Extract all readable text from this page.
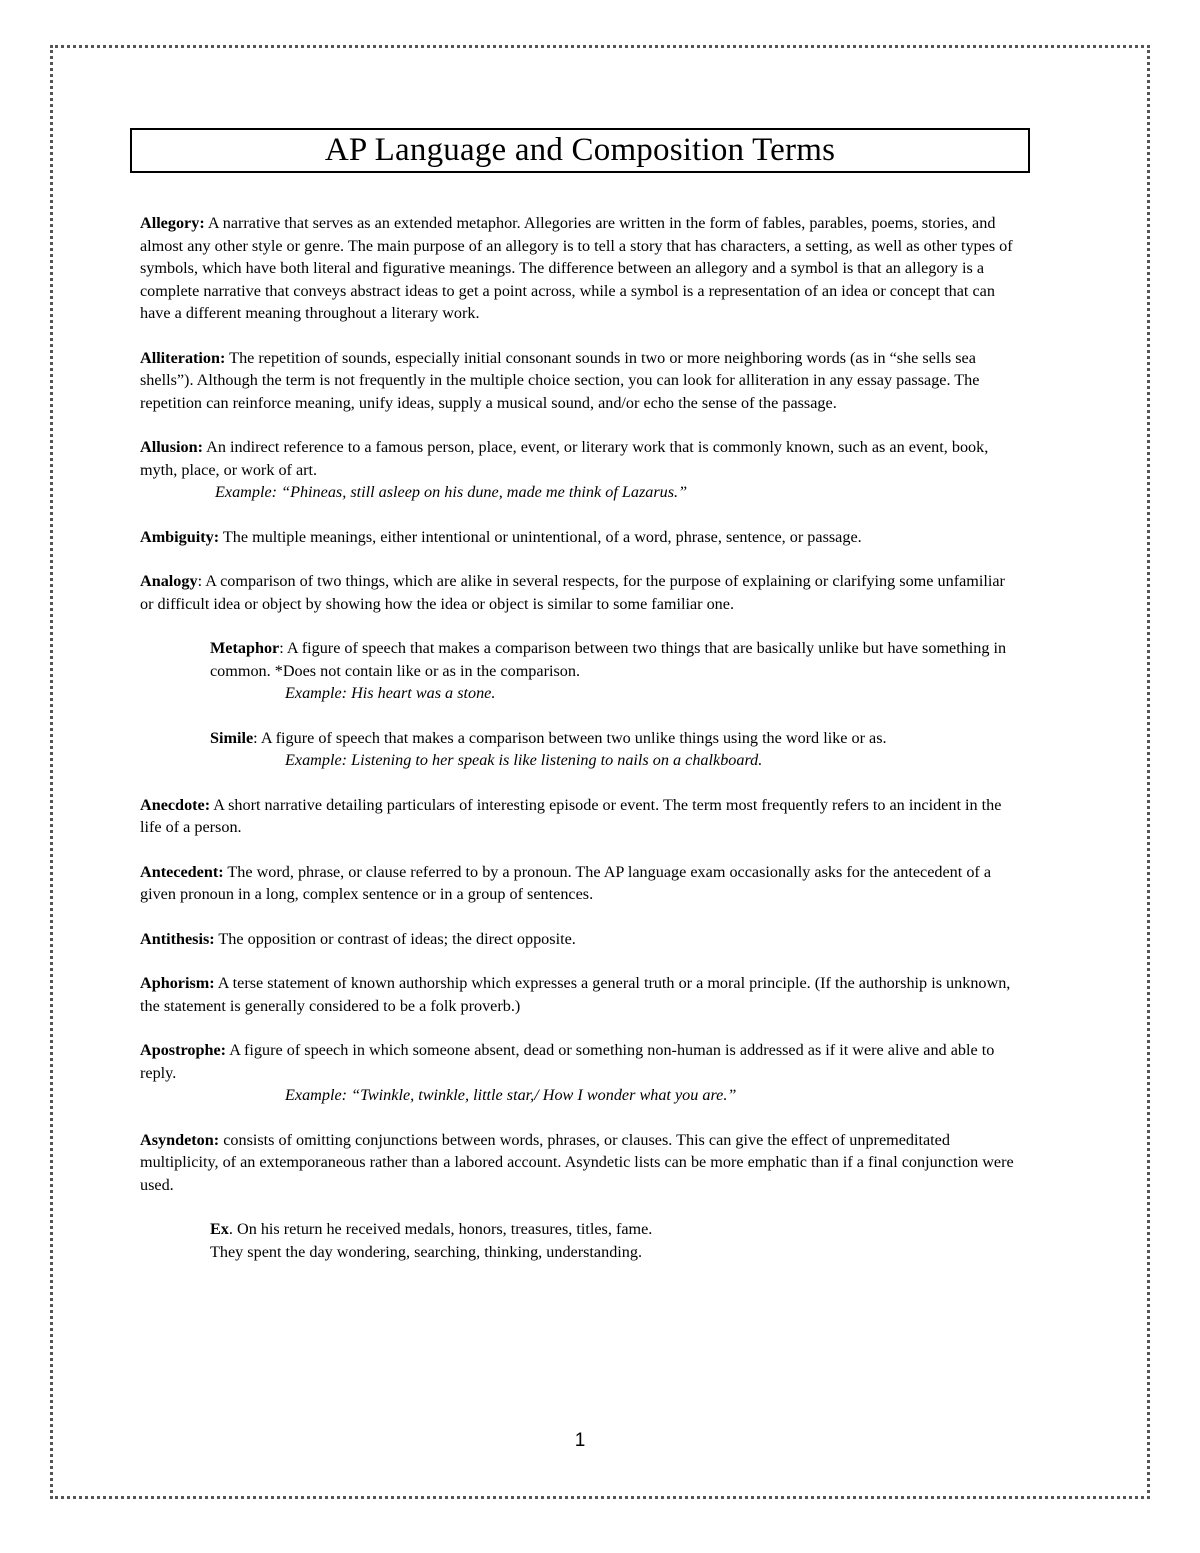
AP Language and Composition Terms

Allegory: A narrative that serves as an extended metaphor. Allegories are written in the form of fables, parables, poems, stories, and almost any other style or genre. The main purpose of an allegory is to tell a story that has characters, a setting, as well as other types of symbols, which have both literal and figurative meanings. The difference between an allegory and a symbol is that an allegory is a complete narrative that conveys abstract ideas to get a point across, while a symbol is a representation of an idea or concept that can have a different meaning throughout a literary work.

Alliteration: The repetition of sounds, especially initial consonant sounds in two or more neighboring words (as in “she sells sea shells”). Although the term is not frequently in the multiple choice section, you can look for alliteration in any essay passage. The repetition can reinforce meaning, unify ideas, supply a musical sound, and/or echo the sense of the passage.

Allusion: An indirect reference to a famous person, place, event, or literary work that is commonly known, such as an event, book, myth, place, or work of art.
Example: “Phineas, still asleep on his dune, made me think of Lazarus.”

Ambiguity: The multiple meanings, either intentional or unintentional, of a word, phrase, sentence, or passage.

Analogy: A comparison of two things, which are alike in several respects, for the purpose of explaining or clarifying some unfamiliar or difficult idea or object by showing how the idea or object is similar to some familiar one.

Metaphor: A figure of speech that makes a comparison between two things that are basically unlike but have something in common. *Does not contain like or as in the comparison.
Example: His heart was a stone.
Simile: A figure of speech that makes a comparison between two unlike things using the word like or as.
Example: Listening to her speak is like listening to nails on a chalkboard.

Anecdote: A short narrative detailing particulars of interesting episode or event. The term most frequently refers to an incident in the life of a person.

Antecedent: The word, phrase, or clause referred to by a pronoun. The AP language exam occasionally asks for the antecedent of a given pronoun in a long, complex sentence or in a group of sentences.

Antithesis: The opposition or contrast of ideas; the direct opposite.

Aphorism: A terse statement of known authorship which expresses a general truth or a moral principle. (If the authorship is unknown, the statement is generally considered to be a folk proverb.)

Apostrophe: A figure of speech in which someone absent, dead or something non-human is addressed as if it were alive and able to reply.
Example: “Twinkle, twinkle, little star,/ How I wonder what you are.”

Asyndeton: consists of omitting conjunctions between words, phrases, or clauses. This can give the effect of unpremeditated multiplicity, of an extemporaneous rather than a labored account. Asyndetic lists can be more emphatic than if a final conjunction were used.

Ex. On his return he received medals, honors, treasures, titles, fame.
They spent the day wondering, searching, thinking, understanding.
1
